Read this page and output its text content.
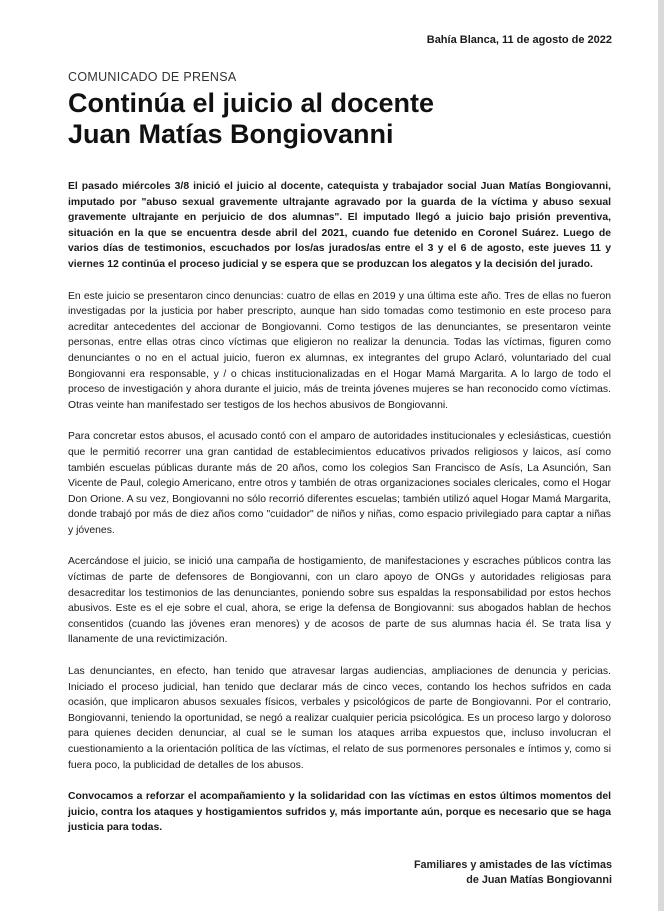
Bahía Blanca, 11 de agosto de 2022
COMUNICADO DE PRENSA
Continúa el juicio al docente
Juan Matías Bongiovanni

El pasado miércoles 3/8 inició el juicio al docente, catequista y trabajador social Juan Matías Bongiovanni, imputado por "abuso sexual gravemente ultrajante agravado por la guarda de la víctima y abuso sexual gravemente ultrajante en perjuicio de dos alumnas". El imputado llegó a juicio bajo prisión preventiva, situación en la que se encuentra desde abril del 2021, cuando fue detenido en Coronel Suárez. Luego de varios días de testimonios, escuchados por los/as jurados/as entre el 3 y el 6 de agosto, este jueves 11 y viernes 12 continúa el proceso judicial y se espera que se produzcan los alegatos y la decisión del jurado.

En este juicio se presentaron cinco denuncias: cuatro de ellas en 2019 y una última este año. Tres de ellas no fueron investigadas por la justicia por haber prescripto, aunque han sido tomadas como testimonio en este proceso para acreditar antecedentes del accionar de Bongiovanni. Como testigos de las denunciantes, se presentaron veinte personas, entre ellas otras cinco víctimas que eligieron no realizar la denuncia. Todas las víctimas, figuren como denunciantes o no en el actual juicio, fueron ex alumnas, ex integrantes del grupo Aclaró, voluntariado del cual Bongiovanni era responsable, y / o chicas institucionalizadas en el Hogar Mamá Margarita. A lo largo de todo el proceso de investigación y ahora durante el juicio, más de treinta jóvenes mujeres se han reconocido como víctimas. Otras veinte han manifestado ser testigos de los hechos abusivos de Bongiovanni.

Para concretar estos abusos, el acusado contó con el amparo de autoridades institucionales y eclesiásticas, cuestión que le permitió recorrer una gran cantidad de establecimientos educativos privados religiosos y laicos, así como también escuelas públicas durante más de 20 años, como los colegios San Francisco de Asís, La Asunción, San Vicente de Paul, colegio Americano, entre otros y también de otras organizaciones sociales clericales, como el Hogar Don Orione. A su vez, Bongiovanni no sólo recorrió diferentes escuelas; también utilizó aquel Hogar Mamá Margarita, donde trabajó por más de diez años como "cuidador" de niños y niñas, como espacio privilegiado para captar a niñas y jóvenes.

Acercándose el juicio, se inició una campaña de hostigamiento, de manifestaciones y escraches públicos contra las víctimas de parte de defensores de Bongiovanni, con un claro apoyo de ONGs y autoridades religiosas para desacreditar los testimonios de las denunciantes, poniendo sobre sus espaldas la responsabilidad por estos hechos abusivos. Este es el eje sobre el cual, ahora, se erige la defensa de Bongiovanni: sus abogados hablan de hechos consentidos (cuando las jóvenes eran menores) y de acosos de parte de sus alumnas hacia él. Se trata lisa y llanamente de una revictimización.

Las denunciantes, en efecto, han tenido que atravesar largas audiencias, ampliaciones de denuncia y pericias. Iniciado el proceso judicial, han tenido que declarar más de cinco veces, contando los hechos sufridos en cada ocasión, que implicaron abusos sexuales físicos, verbales y psicológicos de parte de Bongiovanni. Por el contrario, Bongiovanni, teniendo la oportunidad, se negó a realizar cualquier pericia psicológica. Es un proceso largo y doloroso para quienes deciden denunciar, al cual se le suman los ataques arriba expuestos que, incluso involucran el cuestionamiento a la orientación política de las víctimas, el relato de sus pormenores personales e íntimos y, como si fuera poco, la publicidad de detalles de los abusos.

Convocamos a reforzar el acompañamiento y la solidaridad con las víctimas en estos últimos momentos del juicio, contra los ataques y hostigamientos sufridos y, más importante aún, porque es necesario que se haga justicia para todas.

Familiares y amistades de las víctimas
de Juan Matías Bongiovanni
